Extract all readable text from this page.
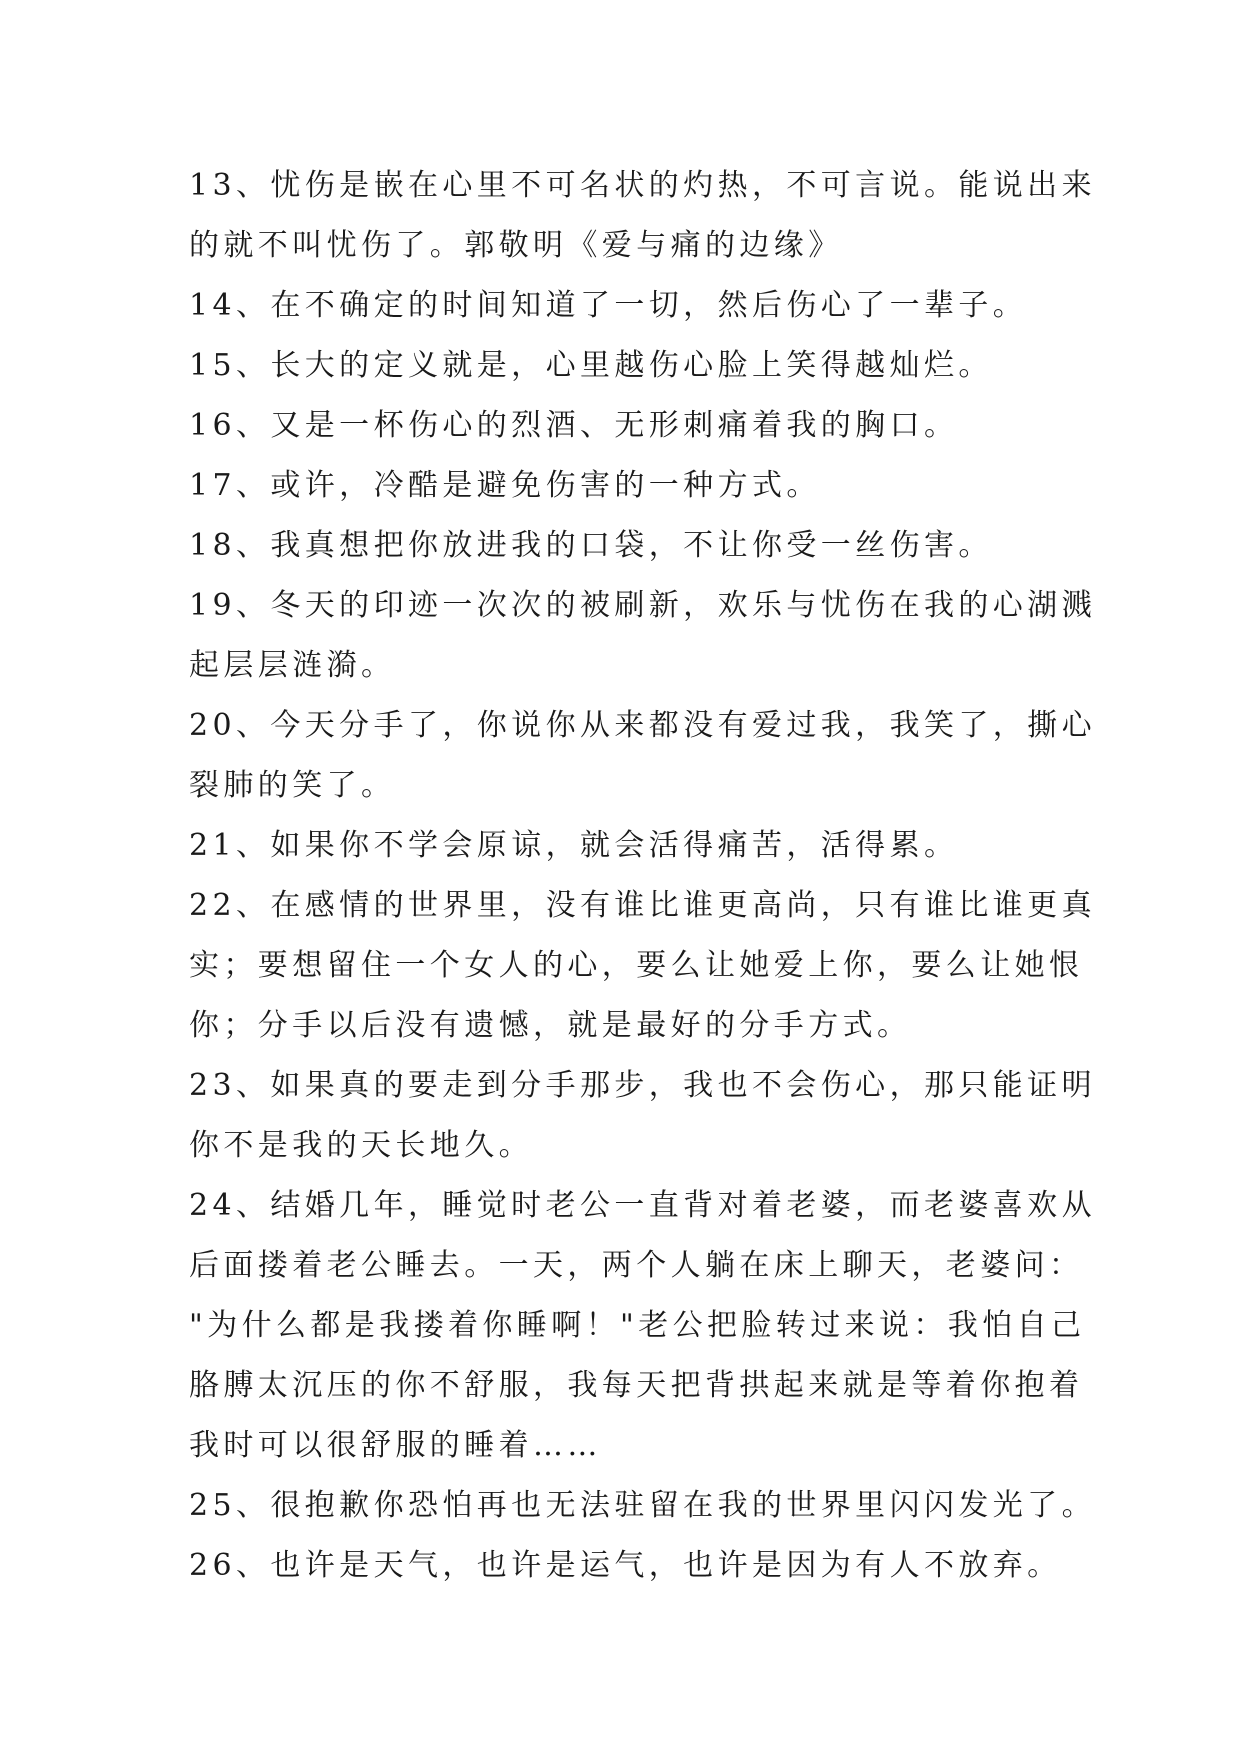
13、忧伤是嵌在心里不可名状的灼热，不可言说。能说出来

的就不叫忧伤了。郭敬明《爱与痛的边缘》

14、在不确定的时间知道了一切，然后伤心了一辈子。

15、长大的定义就是，心里越伤心脸上笑得越灿烂。

16、又是一杯伤心的烈酒、无形刺痛着我的胸口。

17、或许，冷酷是避免伤害的一种方式。

18、我真想把你放进我的口袋，不让你受一丝伤害。

19、冬天的印迹一次次的被刷新，欢乐与忧伤在我的心湖溅

起层层涟漪。

20、今天分手了，你说你从来都没有爱过我，我笑了，撕心

裂肺的笑了。

21、如果你不学会原谅，就会活得痛苦，活得累。

22、在感情的世界里，没有谁比谁更高尚，只有谁比谁更真

实；要想留住一个女人的心，要么让她爱上你，要么让她恨

你；分手以后没有遗憾，就是最好的分手方式。

23、如果真的要走到分手那步，我也不会伤心，那只能证明

你不是我的天长地久。

24、结婚几年，睡觉时老公一直背对着老婆，而老婆喜欢从

后面搂着老公睡去。一天，两个人躺在床上聊天，老婆问：

"为什么都是我搂着你睡啊！"老公把脸转过来说：我怕自己

胳膊太沉压的你不舒服，我每天把背拱起来就是等着你抱着

我时可以很舒服的睡着……

25、很抱歉你恐怕再也无法驻留在我的世界里闪闪发光了。

26、也许是天气，也许是运气，也许是因为有人不放弃。
